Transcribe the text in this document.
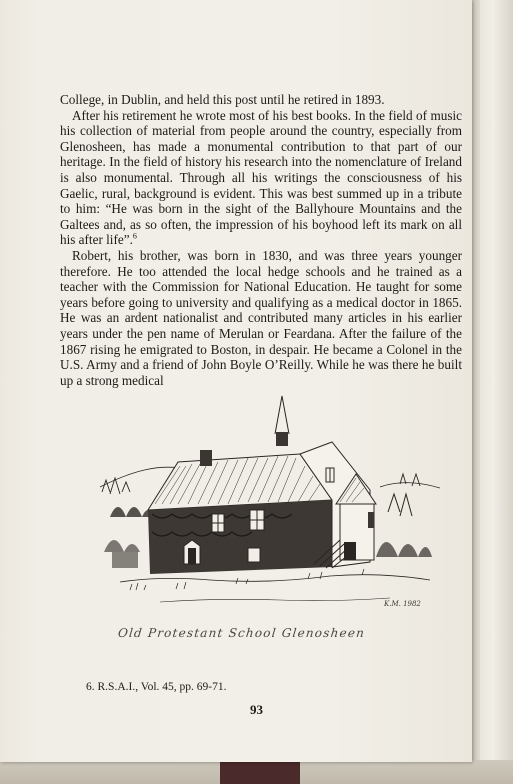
College, in Dublin, and held this post until he retired in 1893.

After his retirement he wrote most of his best books. In the field of music his collection of material from people around the country, especially from Glenosheen, has made a monumental contribution to that part of our heritage. In the field of history his research into the nomenclature of Ireland is also monumental. Through all his writings the consciousness of his Gaelic, rural, background is evident. This was best summed up in a tribute to him: “He was born in the sight of the Ballyhoure Mountains and the Galtees and, as so often, the impression of his boyhood left its mark on all his after life”.$^6$

Robert, his brother, was born in 1830, and was three years younger therefore. He too attended the local hedge schools and he trained as a teacher with the Commission for National Education. He taught for some years before going to university and qualifying as a medical doctor in 1865. He was an ardent nationalist and contributed many articles in his earlier years under the pen name of Merulan or Feardana. After the failure of the 1867 rising he emigrated to Boston, in despair. He became a Colonel in the U.S. Army and a friend of John Boyle O’Reilly. While he was there he built up a strong medical

K.M. 1982
Old Protestant School Glenosheen
6. R.S.A.I., Vol. 45, pp. 69-71.
93
